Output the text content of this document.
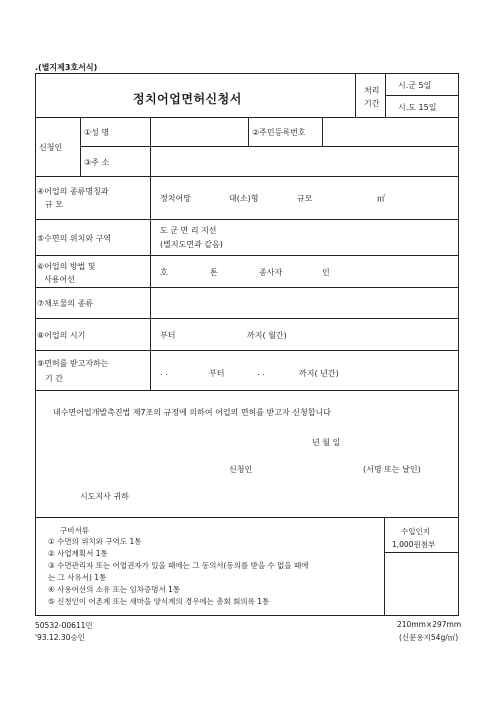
.(별지제3호서식)
정치어업면허신청서
처리
기간
시.군 5일
시.도 15일
신청인
①성 명	②주민등록번호
③주 소
④어업의 종류명칭과
규 모
정치어망	대(소)형	규모	㎡
⑤수면의 위치와 구역
도 군 면 리 지선
(별지도면과 같음)
⑥어업의 방법 및
사용어선
호	톤	종사자	인
⑦채포물의 종류
⑧어업의 시기	부터	까지( 월간)
⑨면허를 받고자하는
기 간
. .	부터	. .	까지( 년간)
내수면어업개발촉진법 제7조의 규정에 의하여 어업의 면허를 받고자 신청합니다
년 월 일
신청인	(서명 또는 날인)
시도지사 귀하
구비서류
① 수면의 위치와 구역도 1통
② 사업계획서 1통
③ 수면관리자 또는 어업권자가 있을 때에는 그 동의서(동의를 받을 수 없을 때에
는 그 사유서) 1통
④ 사용어선의 소유 또는 임차증명서 1통
⑤ 신청인이 어촌계 또는 새마을 양식계의 경우에는 총회 회의록 1통
수입인지
1,000원첨부
50532-00611민
'93.12.30승인
210mm×297mm
(신문용지54g/㎡)
